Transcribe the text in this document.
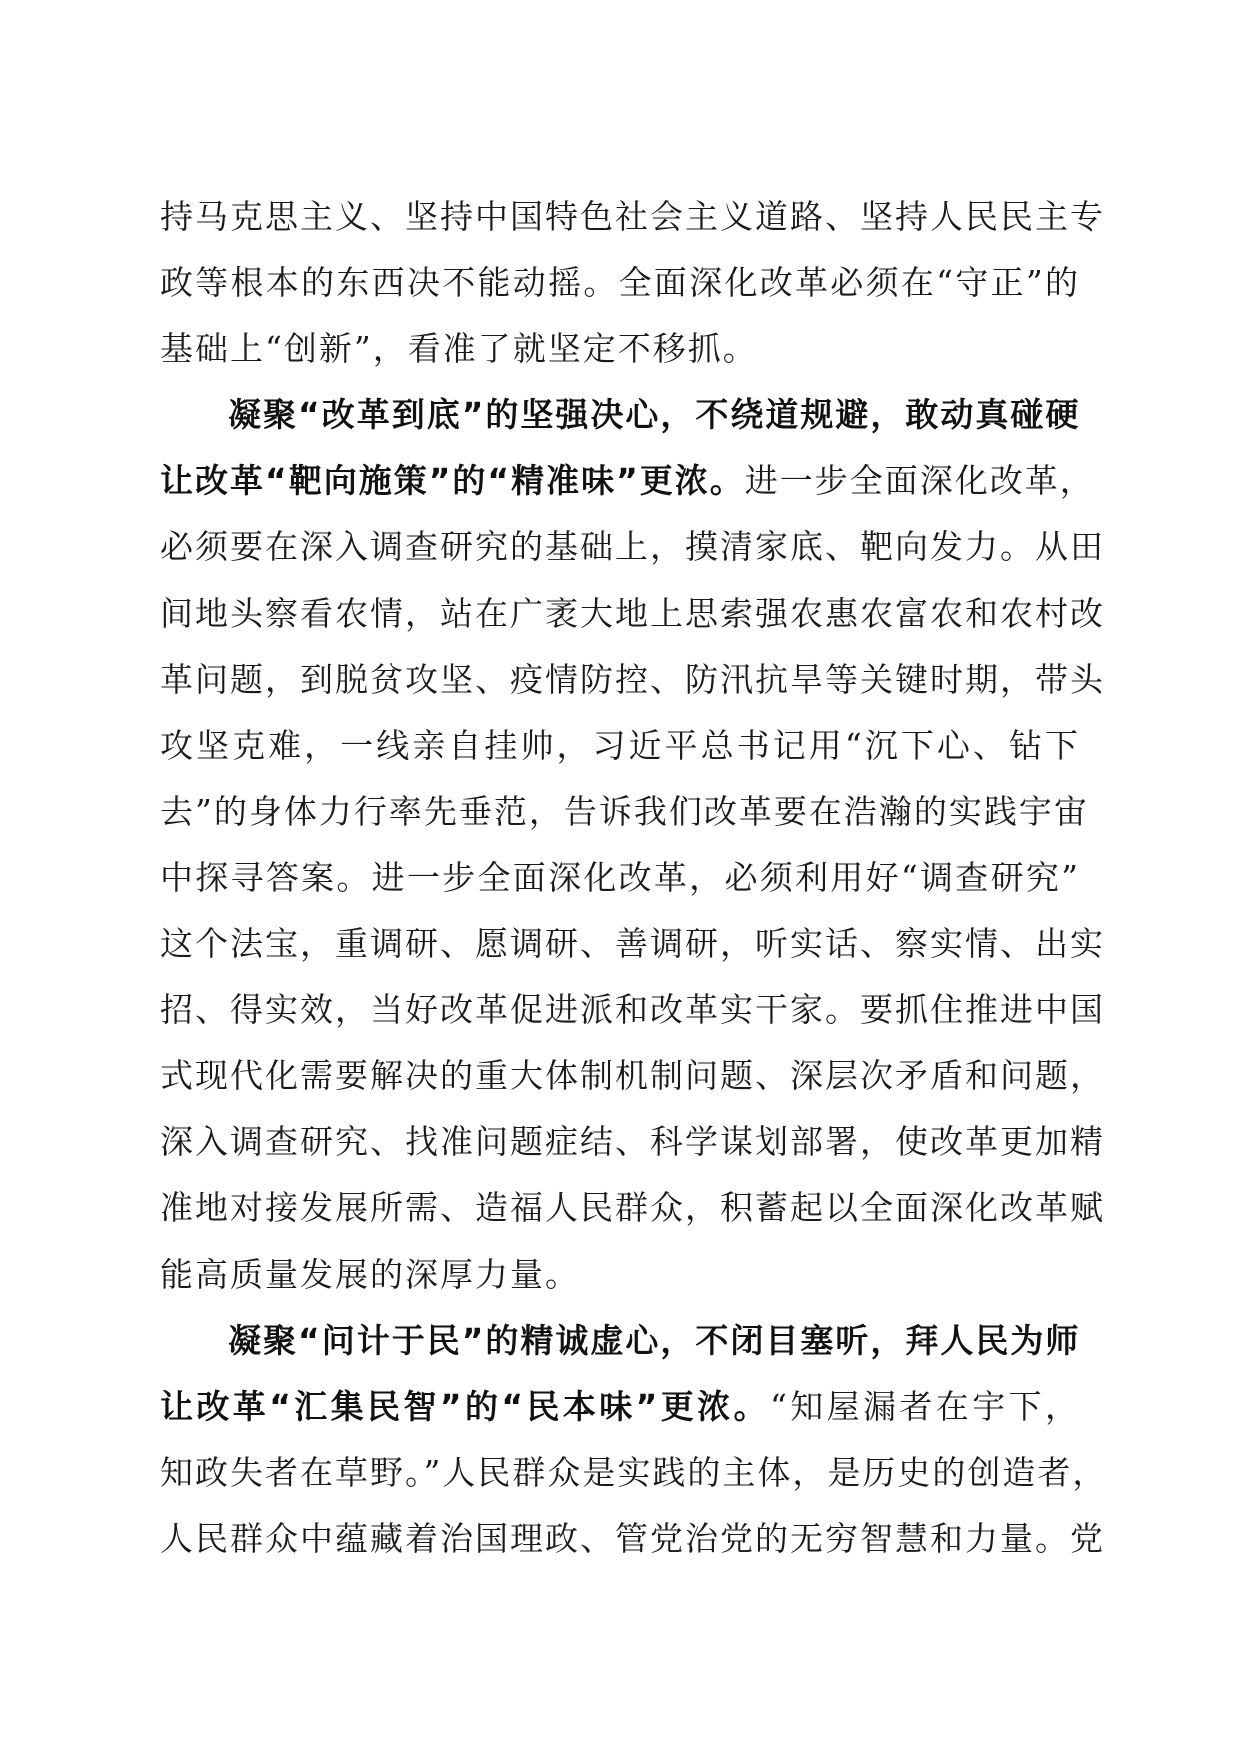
持马克思主义、坚持中国特色社会主义道路、坚持人民民主专
政等根本的东西决不能动摇。全面深化改革必须在“守正”的
基础上“创新”，看准了就坚定不移抓。
凝聚“改革到底”的坚强决心，不绕道规避，敢动真碰硬
让改革“靶向施策”的“精准味”更浓。进一步全面深化改革，
必须要在深入调查研究的基础上，摸清家底、靶向发力。从田
间地头察看农情，站在广袤大地上思索强农惠农富农和农村改
革问题，到脱贫攻坚、疫情防控、防汛抗旱等关键时期，带头
攻坚克难，一线亲自挂帅，习近平总书记用“沉下心、钻下
去”的身体力行率先垂范，告诉我们改革要在浩瀚的实践宇宙
中探寻答案。进一步全面深化改革，必须利用好“调查研究”
这个法宝，重调研、愿调研、善调研，听实话、察实情、出实
招、得实效，当好改革促进派和改革实干家。要抓住推进中国
式现代化需要解决的重大体制机制问题、深层次矛盾和问题，
深入调查研究、找准问题症结、科学谋划部署，使改革更加精
准地对接发展所需、造福人民群众，积蓄起以全面深化改革赋
能高质量发展的深厚力量。
凝聚“问计于民”的精诚虚心，不闭目塞听，拜人民为师
让改革“汇集民智”的“民本味”更浓。“知屋漏者在宇下，
知政失者在草野。”人民群众是实践的主体，是历史的创造者，
人民群众中蕴藏着治国理政、管党治党的无穷智慧和力量。党
